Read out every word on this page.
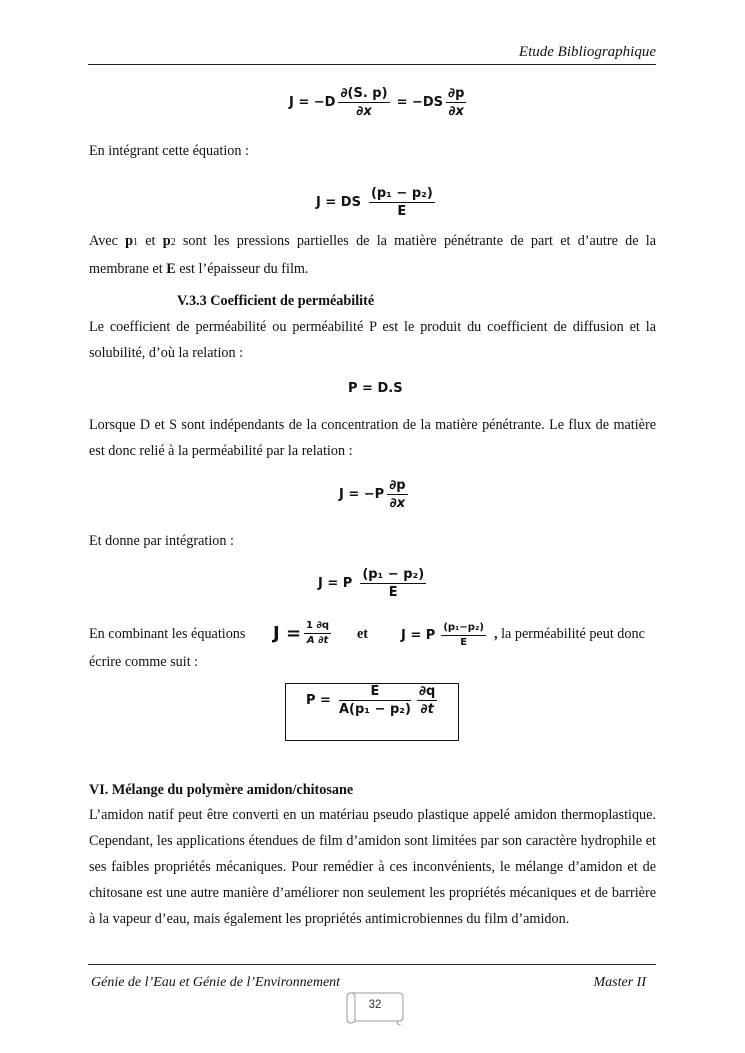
Etude Bibliographique
$J = -D \frac{\partial(S. p)}{\partial x} = -DS \frac{\partial p}{\partial x}$
En intégrant cette équation :
J = DS $\frac{\text{(p₁ − p₂)}}{E}$
Avec p1 et p2 sont les pressions partielles de la matière pénétrante de part et d’autre de la membrane et E est l’épaisseur du film.
V.3.3 Coefficient de perméabilité
Le coefficient de perméabilité ou perméabilité P est le produit du coefficient de diffusion et la solubilité, d’où la relation :
P = D.S
Lorsque D et S sont indépendants de la concentration de la matière pénétrante. Le flux de matière est donc relié à la perméabilité par la relation :
$J = -P \frac{\partial p}{\partial x}$
Et donne par intégration :
J = P $\frac{\text{(p₁ − p₂)}}{E}$
En combinant les équations $J = \frac{1 \partial q}{A \partial t}$ et	J = P $\frac{\text{(p₁−p₂)}}{E}$ , la perméabilité peut donc
écrire comme suit :
$P = \frac{E}{\text{A(p₁ − p₂)}} \frac{\partial q}{\partial t}$
VI. Mélange du polymère amidon/chitosane
L’amidon natif peut être converti en un matériau pseudo plastique appelé amidon thermoplastique. Cependant, les applications étendues de film d’amidon sont limitées par son caractère hydrophile et ses faibles propriétés mécaniques. Pour remédier à ces inconvénients, le mélange d’amidon et de chitosane est une autre manière d’améliorer non seulement les propriétés mécaniques et de barrière à la vapeur d’eau, mais également les propriétés antimicrobiennes du film d’amidon.
Génie de l’Eau et Génie de l’Environnement	Master II
32
